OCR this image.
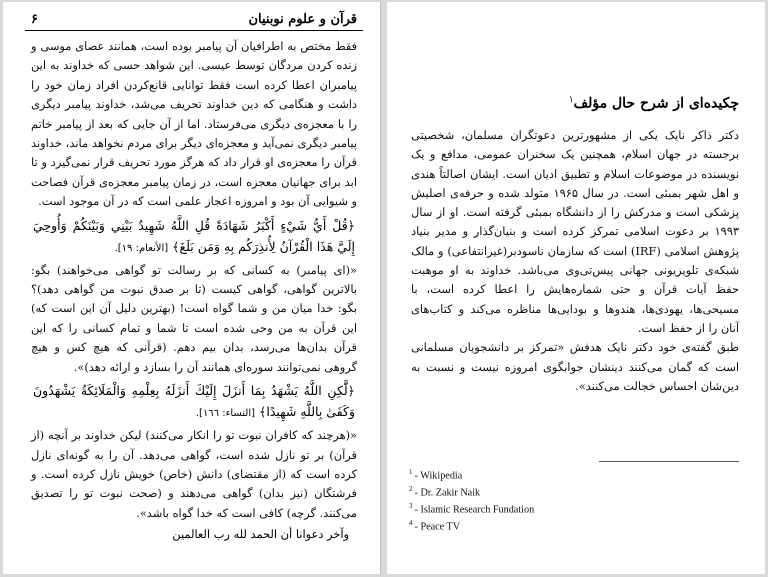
قرآن و علوم نوبنیان
۶

فقط مختص به اطرافیان آن پیامبر بوده است، همانند عصای موسی و زنده کردن مردگان توسط عیسی. این شواهد حسی که خداوند به این پیامبران اعطا کرده است فقط توانایی قانع‌کردن افراد زمان خود را داشت و هنگامی که دین خداوند تحریف می‌شد، خداوند پیامبر دیگری را با معجزه‌ی دیگری می‌فرستاد. اما از آن جایی که بعد از پیامبر خاتم پیامبر دیگری نمی‌آید و معجزه‌ای دیگر برای مردم نخواهد ماند، خداوند قرآن را معجزه‌ی او قرار داد که هرگز مورد تحریف قرار نمی‌گیرد و تا ابد برای جهانیان معجزه است، در زمان پیامبر معجزه‌ی قرآن فصاحت و شیوایی آن بود و امروزه اعجاز علمی است که در آن موجود است.

﴿قُلْ أَيُّ شَيْءٍ أَكْبَرُ شَهَادَةً قُلِ اللَّهُ شَهِيدٌ بَيْنِي وَبَيْنَكُمْ وَأُوحِيَ إِلَيَّ هَذَا الْقُرْآنُ لِأُنذِرَكُم بِهِ وَمَن بَلَغَ﴾ [الأنعام: ١٩].

«(ای پیامبر) به کسانی که بر رسالت تو گواهی می‌خواهند) بگو: بالاترین گواهی، گواهی کیست (تا بر صدق نبوت من گواهی دهد)؟ بگو: خدا میان من و شما گواه است! (بهترین دلیل آن این است که) این قرآن به من وحی شده است تا شما و تمام کسانی را که این قرآن بدان‌ها می‌رسد، بدان بیم دهم. (قرآنی که هیچ کس و هیچ گروهی نمی‌توانند سوره‌ای همانند آن را بسازد و ارائه دهد)».

﴿لَّٰكِنِ اللَّهُ يَشْهَدُ بِمَا أَنزَلَ إِلَيْكَ أَنزَلَهُ بِعِلْمِهِ وَالْمَلَائِكَةُ يَشْهَدُونَ وَكَفَىٰ بِاللَّهِ شَهِيدًا﴾ [النساء: ١٦٦].

«(هرچند که کافران نبوت تو را انکار می‌کنند) لیکن خداوند بر آنچه (از قرآن) بر تو نازل شده است، گواهی می‌دهد. آن را به گونه‌ای نازل کرده است که (از مقتضای) دانش (خاص) خویش نازل کرده است. و فرشتگان (نیز بدان) گواهی می‌دهند و (صحت نبوت تو را تصدیق می‌کنند. گرچه) کافی است که خدا گواه باشد».

وآخر دعوانا أن الحمد لله رب العالمین
چکیده‌ای از شرح حال مؤلف$^١$

دکتر ذاکر نایک یکی از مشهورترین دعوتگران مسلمان، شخصیتی برجسته در جهان اسلام، همچنین یک سخنران عمومی، مدافع و یک نویسنده در موضوعات اسلام و تطبیق ادیان است. ایشان اصالتاً هندی و اهل شهر بمبئی است. در سال ۱۹۶۵ متولد شده و حرفه‌ی اصلیش پزشکی است و مدرکش را از دانشگاه بمبئی گرفته است. او از سال ۱۹۹۳ بر دعوت اسلامی تمرکز کرده است و بنیان‌گذار و مدیر بنیاد پژوهش اسلامی (IRF) است که سازمان ناسودبر(غیرانتفاعی) و مالک شبکه‌ی تلویزیونی جهانی پیس‌تی‌وی می‌باشد. خداوند به او موهبت حفظ آیات قرآن و حتی شماره‌هایش را اعطا کرده است، با مسیحی‌ها، یهودی‌ها، هندوها و بودایی‌ها مناظره می‌کند و کتاب‌های آنان را از حفظ است.

طبق گفته‌ی خود دکتر نایک هدفش «تمرکز بر دانشجویان مسلمانی است که گمان می‌کنند دینشان جوابگوی امروزه نیست و نسبت به دین‌شان احساس خجالت می‌کنند».

$^1$ - Wikipedia
$^2$ - Dr. Zakir Naik
$^3$ - Islamic Research Fundation
$^4$ - Peace TV
